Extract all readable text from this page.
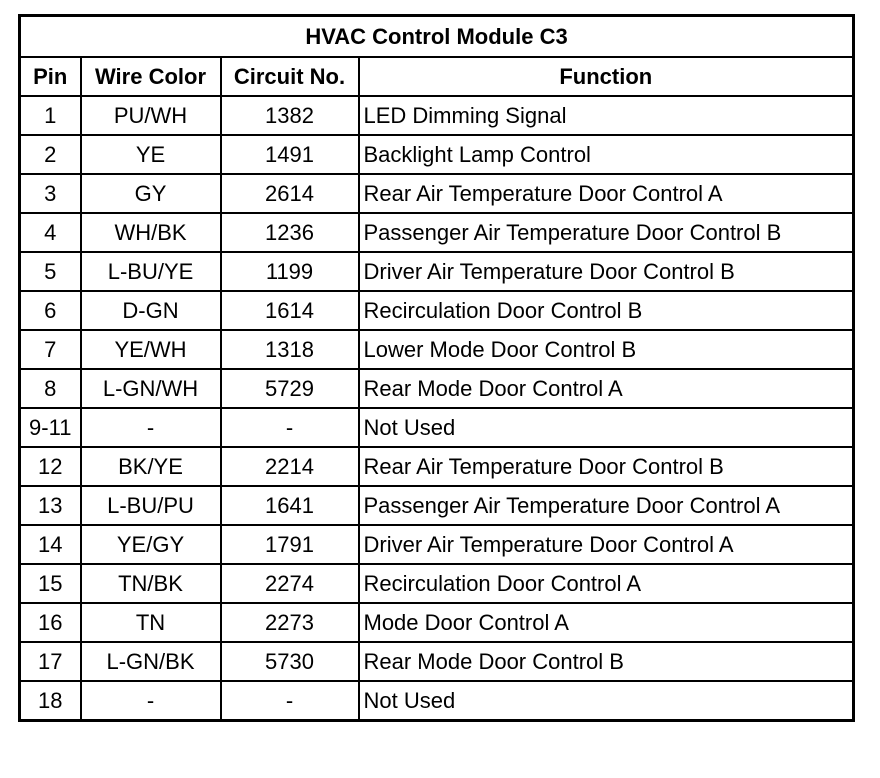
HVAC Control Module C3			
Pin	Wire Color	Circuit No.	Function
1	PU/WH	1382	LED Dimming Signal
2	YE	1491	Backlight Lamp Control
3	GY	2614	Rear Air Temperature Door Control A
4	WH/BK	1236	Passenger Air Temperature Door Control B
5	L-BU/YE	1199	Driver Air Temperature Door Control B
6	D-GN	1614	Recirculation Door Control B
7	YE/WH	1318	Lower Mode Door Control B
8	L-GN/WH	5729	Rear Mode Door Control A
9-11	-	-	Not Used
12	BK/YE	2214	Rear Air Temperature Door Control B
13	L-BU/PU	1641	Passenger Air Temperature Door Control A
14	YE/GY	1791	Driver Air Temperature Door Control A
15	TN/BK	2274	Recirculation Door Control A
16	TN	2273	Mode Door Control A
17	L-GN/BK	5730	Rear Mode Door Control B
18	-	-	Not Used
